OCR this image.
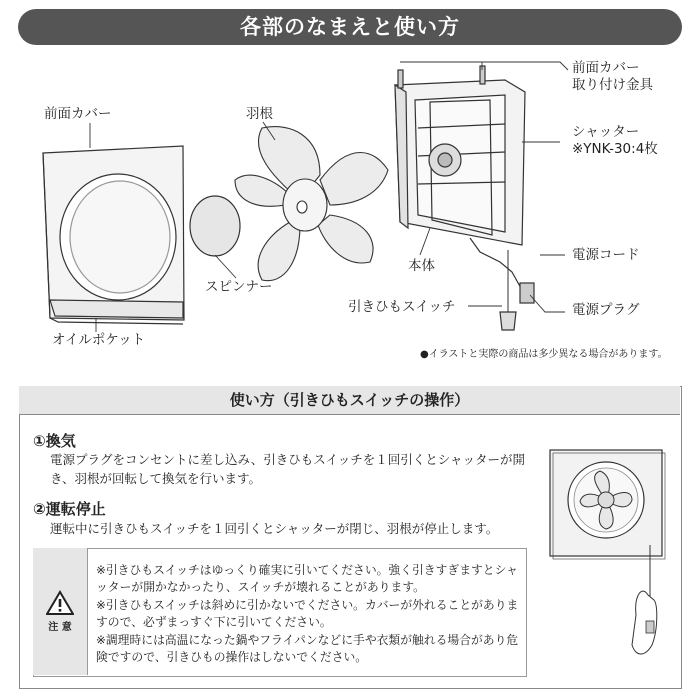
各部のなまえと使い方
前面カバー
オイルポケット
羽根
スピンナー
本体
引きひもスイッチ
前面カバー
取り付け金具
シャッター
※YNK-30:4枚
電源コード
電源プラグ
●イラストと実際の商品は多少異なる場合があります。
使い方（引きひもスイッチの操作）
①換気
電源プラグをコンセントに差し込み、引きひもスイッチを１回引くとシャッターが開き、羽根が回転して換気を行います。
②運転停止
運転中に引きひもスイッチを１回引くとシャッターが閉じ、羽根が停止します。
注 意
※引きひもスイッチはゆっくり確実に引いてください。強く引きすぎますとシャッターが開かなかったり、スイッチが壊れることがあります。
※引きひもスイッチは斜めに引かないでください。カバーが外れることがありますので、必ずまっすぐ下に引いてください。
※調理時には高温になった鍋やフライパンなどに手や衣類が触れる場合があり危険ですので、引きひもの操作はしないでください。
